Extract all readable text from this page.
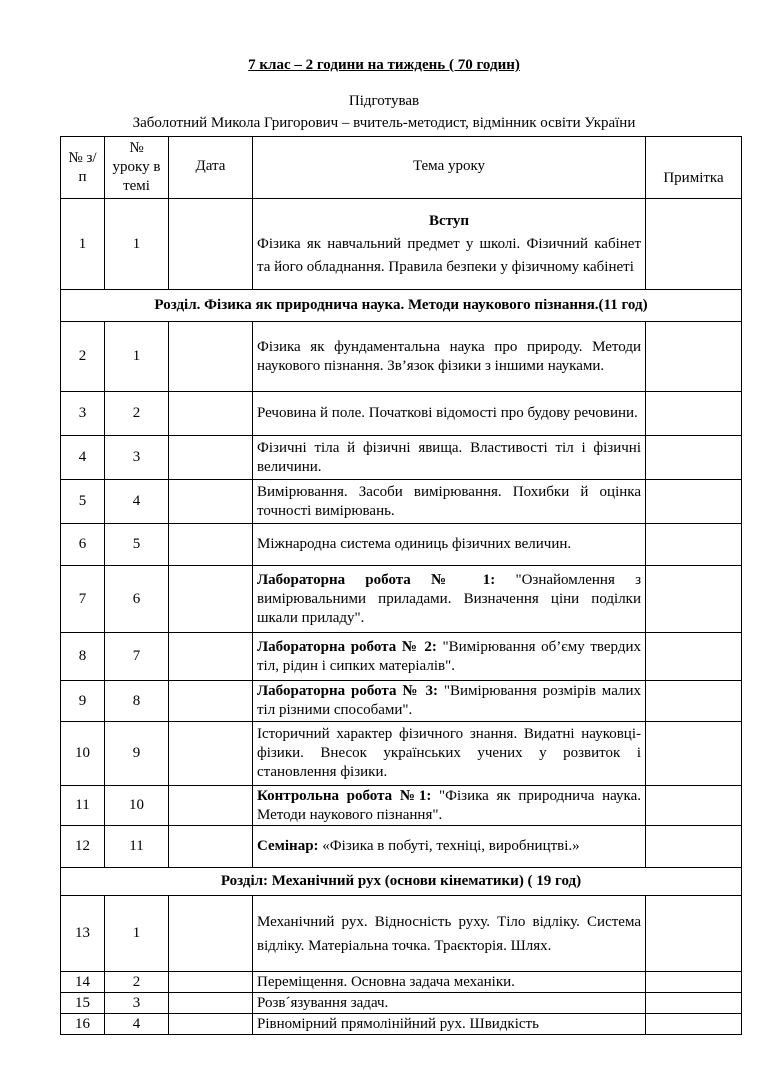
7 клас – 2 години на тиждень ( 70 годин)
Підготував
Заболотний Микола Григорович – вчитель-методист, відмінник освіти України
№ з/п	№ уроку в темі	Дата	Тема уроку	Примітка
1	1		Вступ
Фізика як навчальний предмет у школі. Фізичний кабінет та його обладнання. Правила безпеки у фізичному кабінеті	
Розділ. Фізика як природнича наука. Методи наукового пізнання.(11 год)				
2	1		Фізика як фундаментальна наука про природу. Методи наукового пізнання. Зв’язок фізики з іншими науками.	
3	2		Речовина й поле. Початкові відомості про будову речовини.	
4	3		Фізичні тіла й фізичні явища. Властивості тіл і фізичні величини.	
5	4		Вимірювання. Засоби вимірювання. Похибки й оцінка точності вимірювань.	
6	5		Міжнародна система одиниць фізичних величин.	
7	6		Лабораторна робота № 1: "Ознайомлення з вимірювальними приладами. Визначення ціни поділки шкали приладу".	
8	7		Лабораторна робота № 2: "Вимірювання об’єму твердих тіл, рідин і сипких матеріалів".	
9	8		Лабораторна робота № 3: "Вимірювання розмірів малих тіл різними способами".	
10	9		Історичний характер фізичного знання. Видатні науковці-фізики. Внесок українських учених у розвиток і становлення фізики.	
11	10		Контрольна робота №1: "Фізика як природнича наука. Методи наукового пізнання".	
12	11		Семінар: «Фізика в побуті, техніці, виробництві.»	
Розділ: Механічний рух (основи кінематики) ( 19 год)				
13	1		Механічний рух. Відносність руху. Тіло відліку. Система відліку. Матеріальна точка. Траєкторія. Шлях.	
14	2		Переміщення. Основна задача механіки.	
15	3		Розв´язування задач.	
16	4		Рівномірний прямолінійний рух. Швидкість	
